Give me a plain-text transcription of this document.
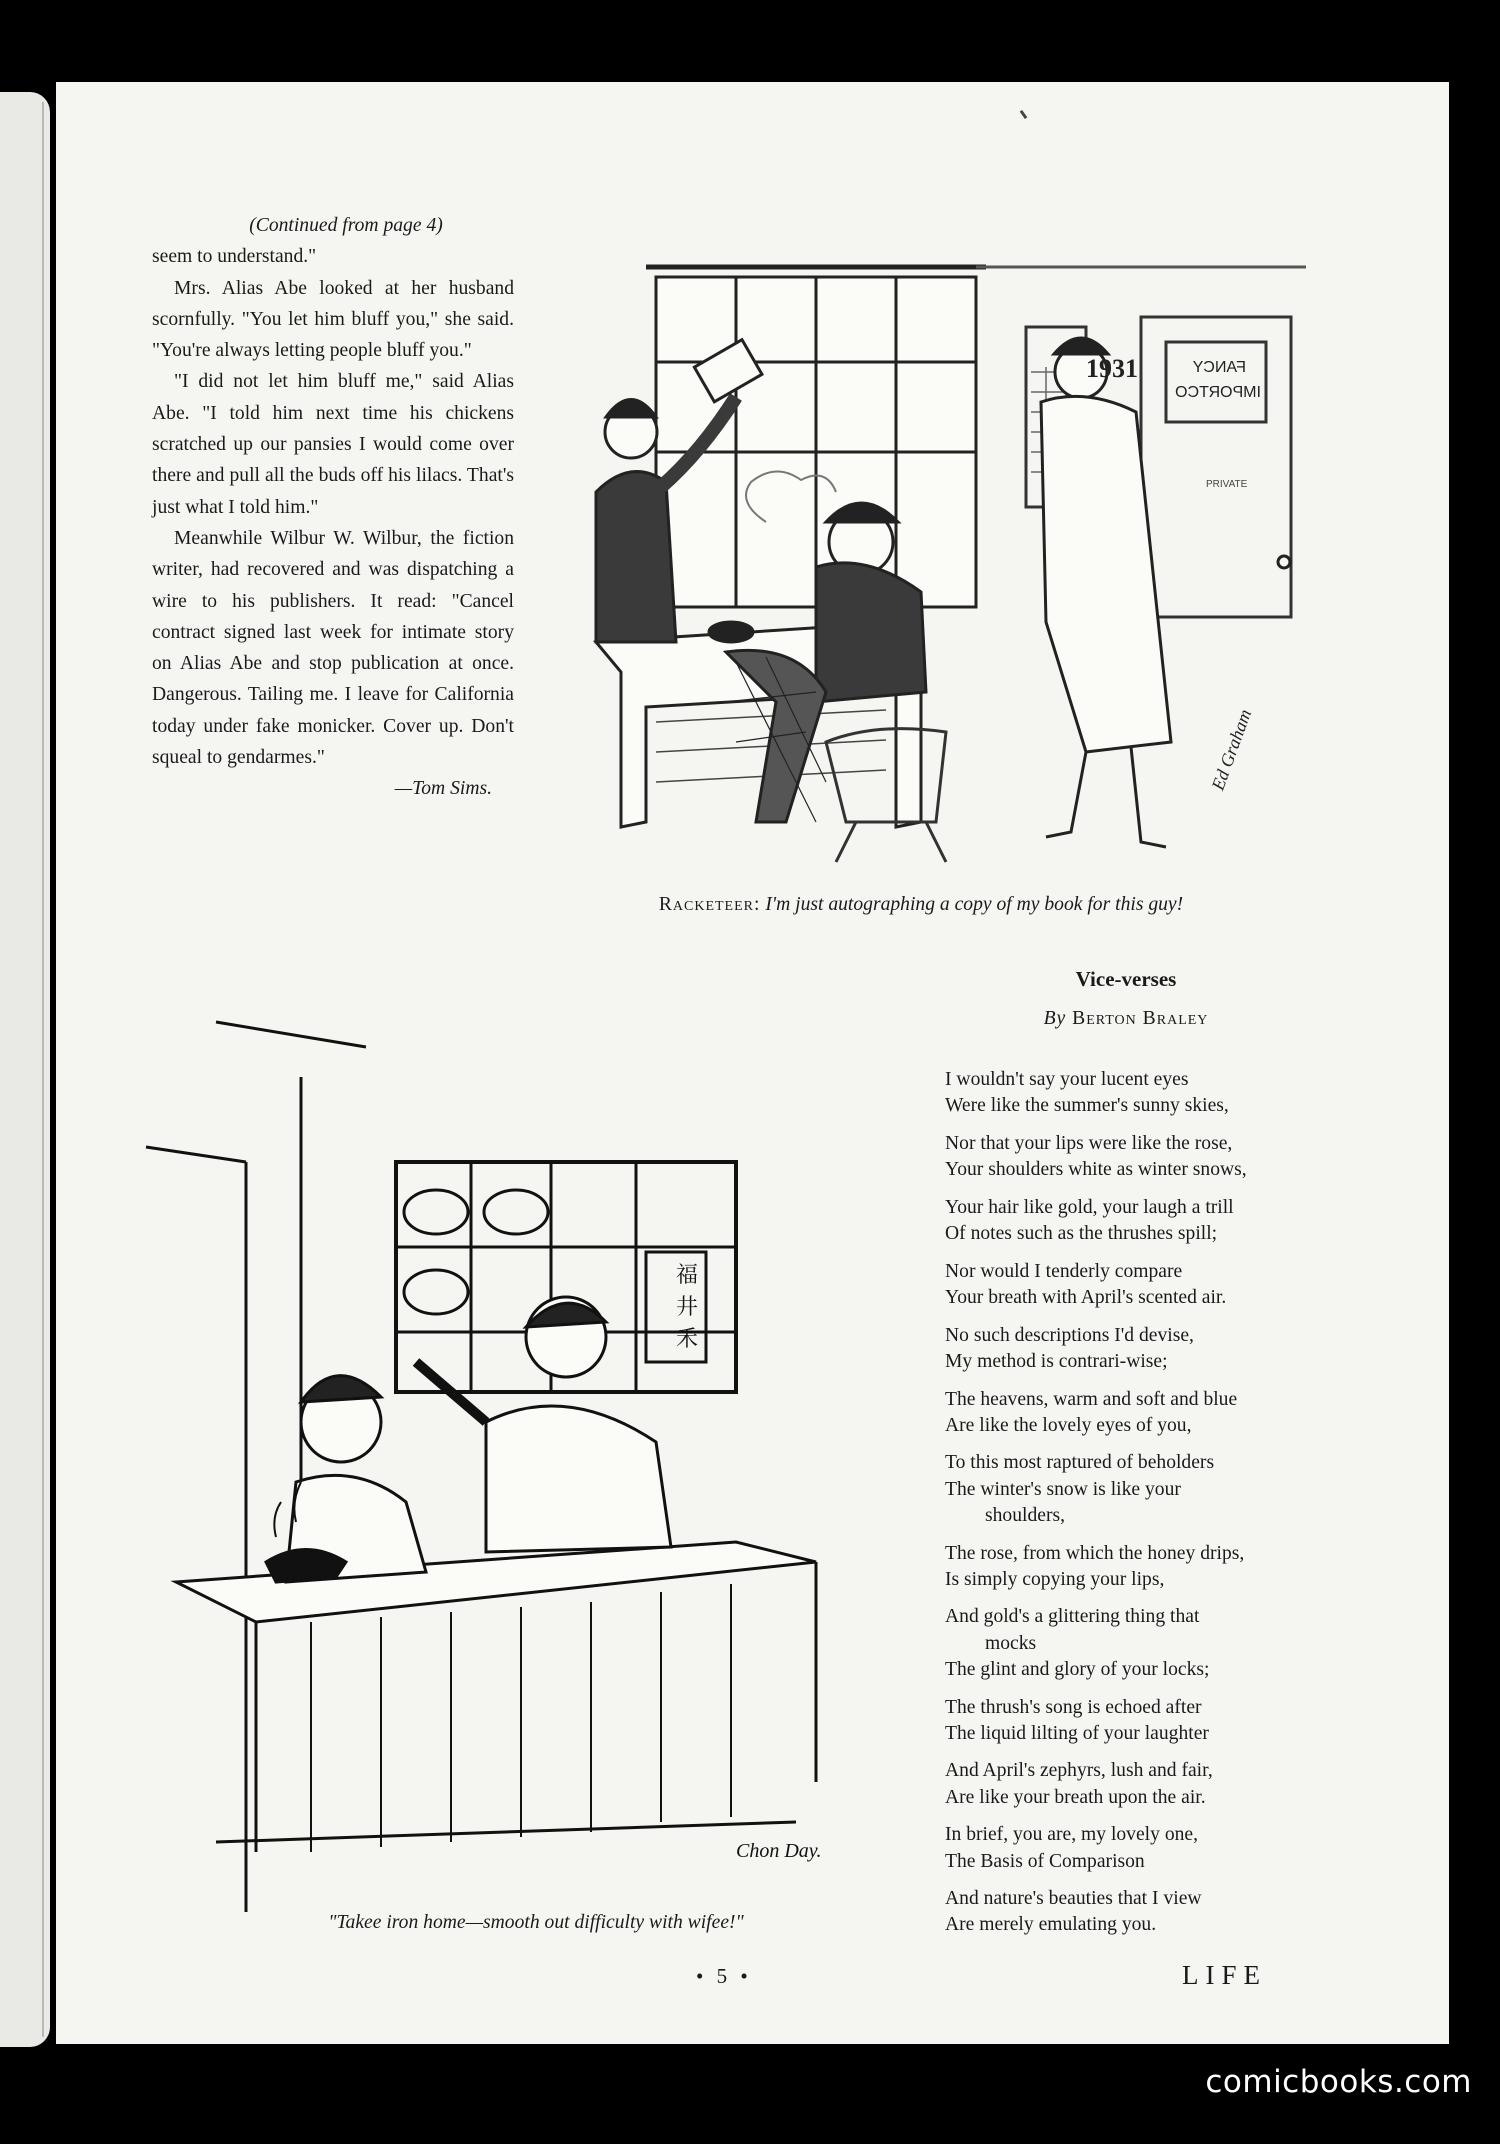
(Continued from page 4)

seem to understand."

Mrs. Alias Abe looked at her husband scornfully. "You let him bluff you," she said. "You're always letting people bluff you."

"I did not let him bluff me," said Alias Abe. "I told him next time his chickens scratched up our pansies I would come over there and pull all the buds off his lilacs. That's just what I told him."

Meanwhile Wilbur W. Wilbur, the fiction writer, had recovered and was dispatching a wire to his publishers. It read: "Cancel contract signed last week for intimate story on Alias Abe and stop publication at once. Dangerous. Tailing me. I leave for California today under fake monicker. Cover up. Don't squeal to gendarmes."

—Tom Sims.

1931	FANCY
IMPORTCO
PRIVATE
Ed Graham
Racketeer: I'm just autographing a copy of my book for this guy!
福
井
禾
Chon Day.
"Takee iron home—smooth out difficulty with wifee!"
Vice-verses
By Berton Braley
I wouldn't say your lucent eyes
Were like the summer's sunny skies,
Nor that your lips were like the rose,
Your shoulders white as winter snows,
Your hair like gold, your laugh a trill
Of notes such as the thrushes spill;
Nor would I tenderly compare
Your breath with April's scented air.
No such descriptions I'd devise,
My method is contrari-wise;
The heavens, warm and soft and blue
Are like the lovely eyes of you,
To this most raptured of beholders
The winter's snow is like your
shoulders,
The rose, from which the honey drips,
Is simply copying your lips,
And gold's a glittering thing that
mocks
The glint and glory of your locks;
The thrush's song is echoed after
The liquid lilting of your laughter
And April's zephyrs, lush and fair,
Are like your breath upon the air.
In brief, you are, my lovely one,
The Basis of Comparison
And nature's beauties that I view
Are merely emulating you.
• 5 •	LIFE
comicbooks.com
